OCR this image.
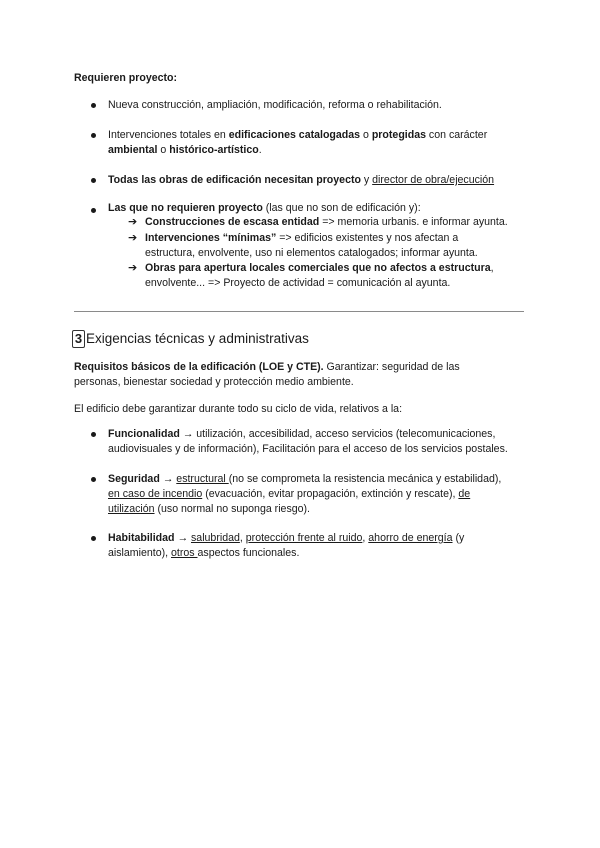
Requieren proyecto:
Nueva construcción, ampliación, modificación, reforma o rehabilitación.
Intervenciones totales en edificaciones catalogadas o protegidas con carácter
ambiental o histórico-artístico.
Todas las obras de edificación necesitan proyecto y director de obra/ejecución
Las que no requieren proyecto (las que no son de edificación y):
➔ Construcciones de escasa entidad => memoria urbanis. e informar ayunta.
➔ Intervenciones “mínimas” => edificios existentes y nos afectan a
estructura, envolvente, uso ni elementos catalogados; informar ayunta.
➔ Obras para apertura locales comerciales que no afectos a estructura,
envolvente... => Proyecto de actividad = comunicación al ayunta.
3 Exigencias técnicas y administrativas
Requisitos básicos de la edificación (LOE y CTE). Garantizar: seguridad de las
personas, bienestar sociedad y protección medio ambiente.
El edificio debe garantizar durante todo su ciclo de vida, relativos a la:
Funcionalidad → utilización, accesibilidad, acceso servicios (telecomunicaciones,
audiovisuales y de información), Facilitación para el acceso de los servicios postales.
Seguridad → estructural (no se comprometa la resistencia mecánica y estabilidad),
en caso de incendio (evacuación, evitar propagación, extinción y rescate), de
utilización (uso normal no suponga riesgo).
Habitabilidad → salubridad, protección frente al ruido, ahorro de energía (y
aislamiento), otros aspectos funcionales.
